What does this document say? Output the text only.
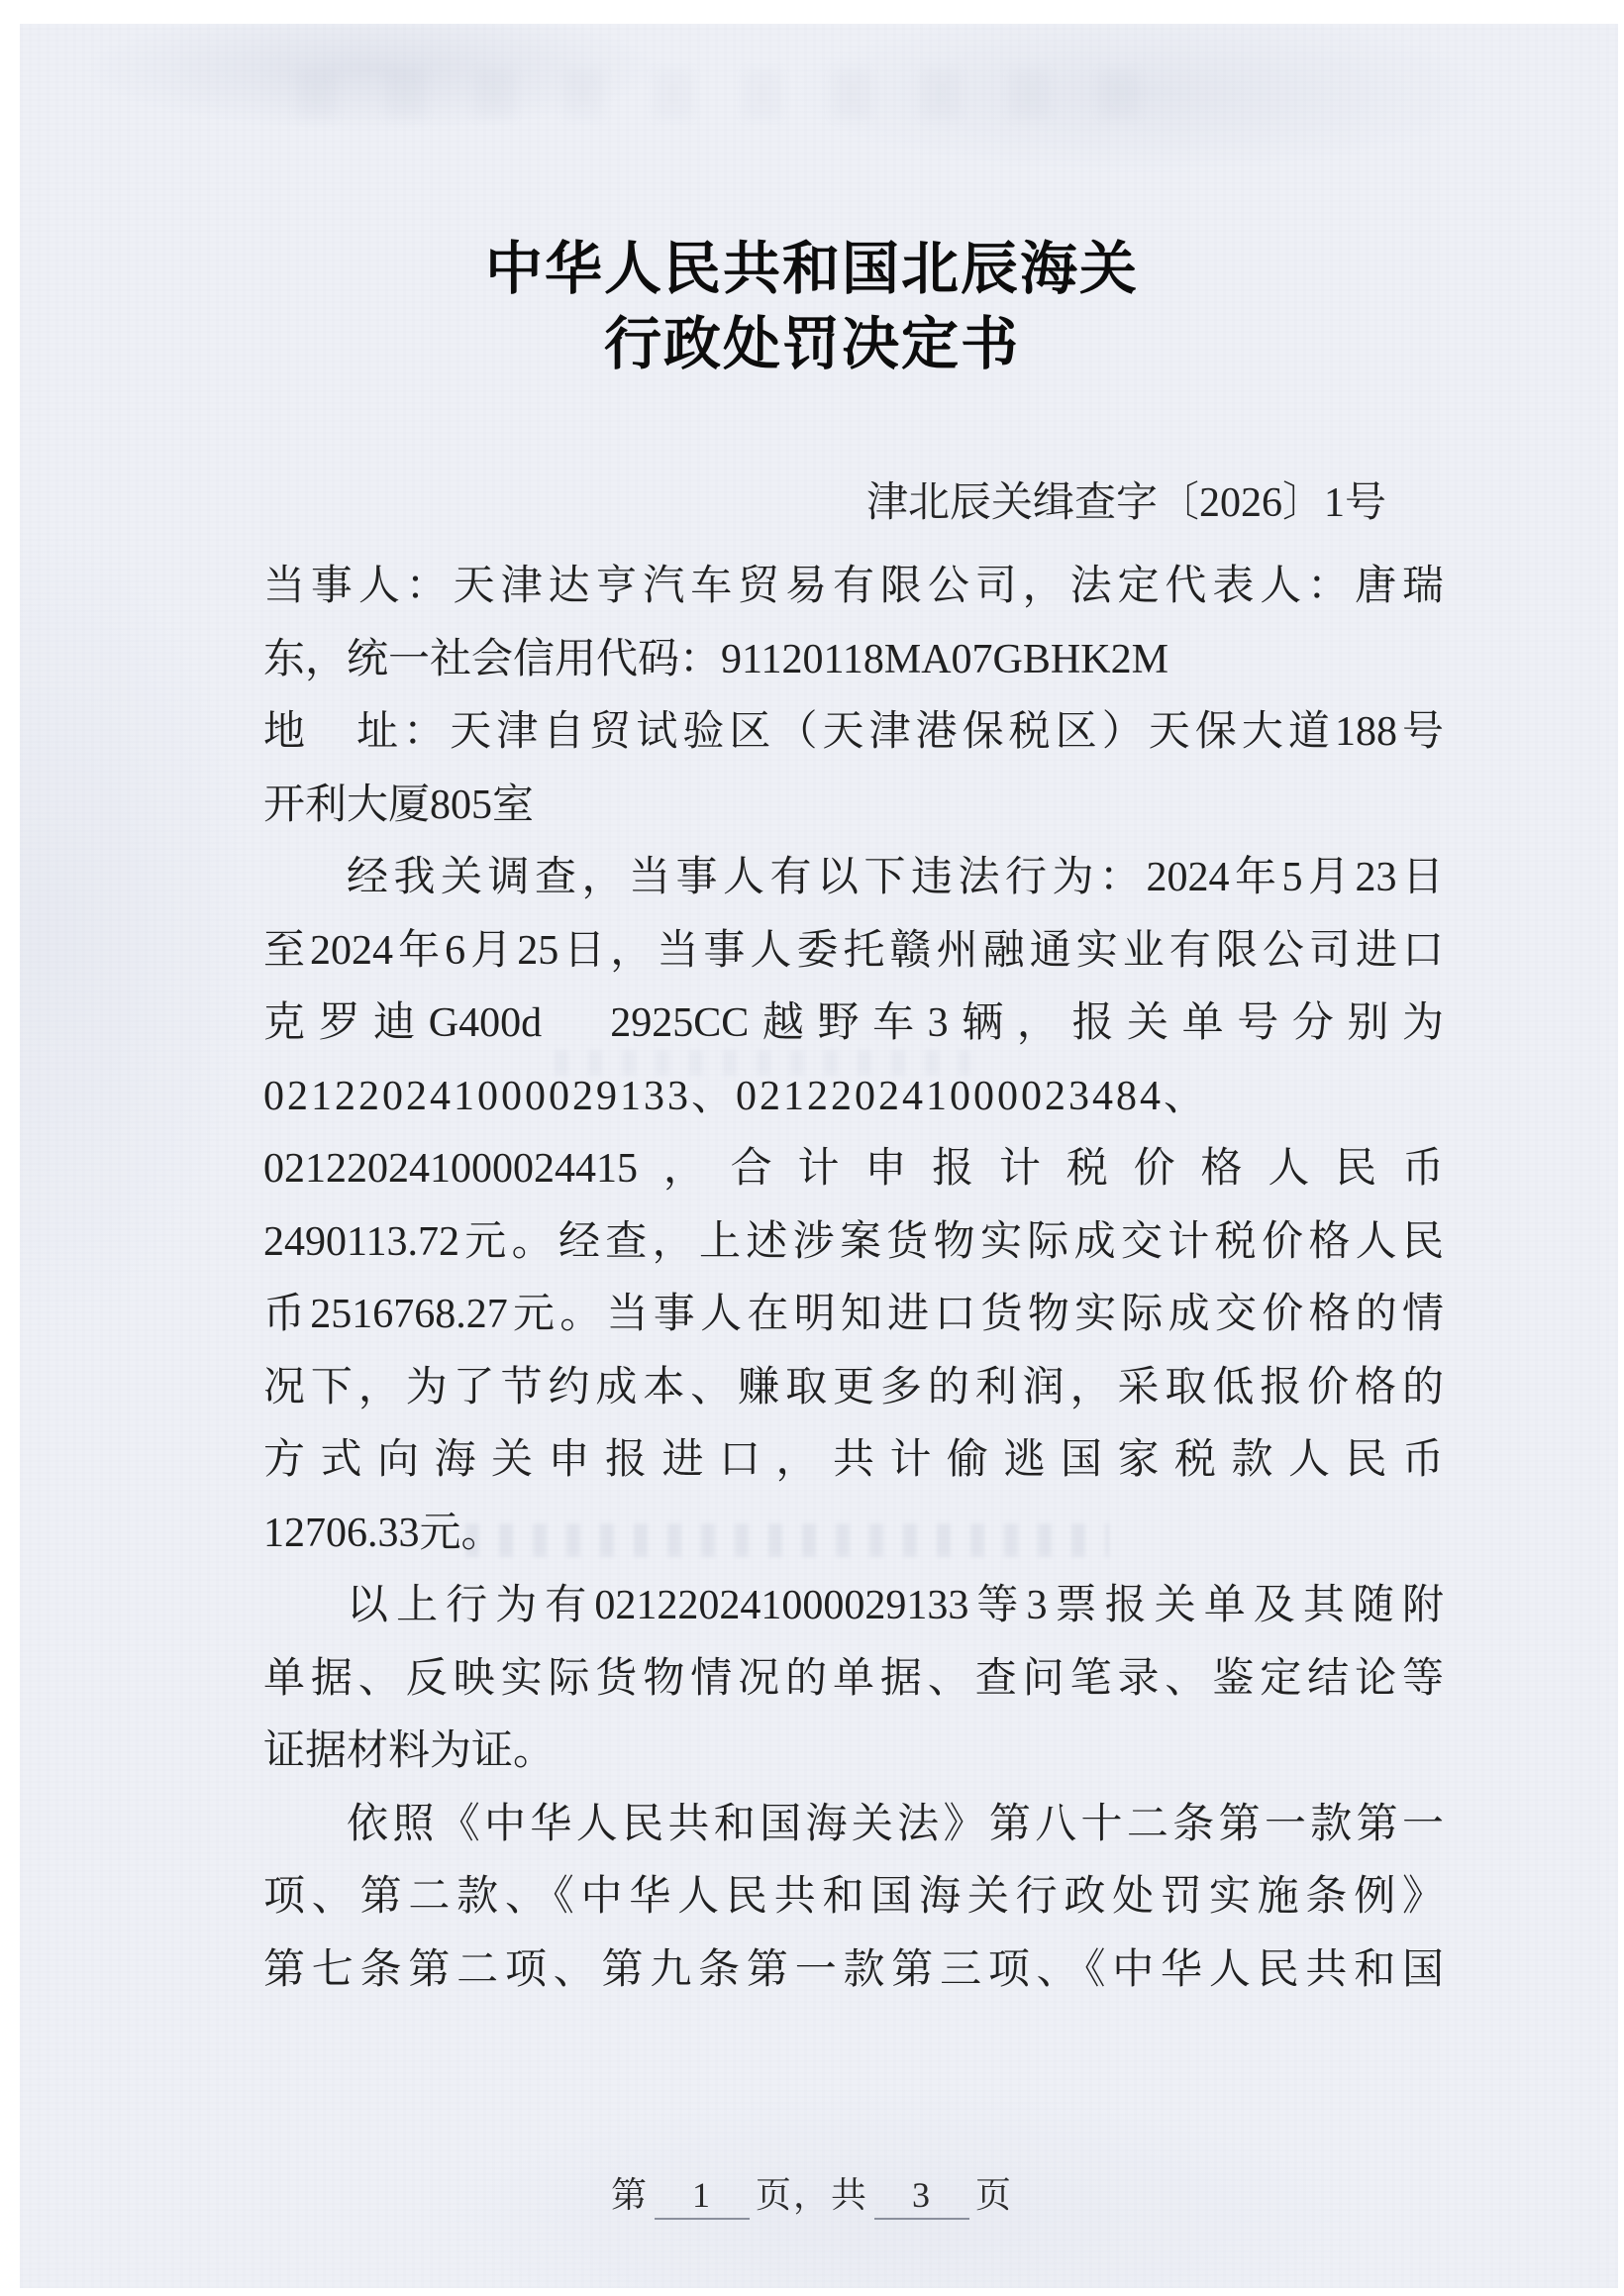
中华人民共和国北辰海关
行政处罚决定书
津北辰关缉查字〔2026〕1号
当事人：天津达亨汽车贸易有限公司，法定代表人：唐瑞
东，统一社会信用代码：91120118MA07GBHK2M
地　址：天津自贸试验区（天津港保税区）天保大道188号
开利大厦805室
经我关调查，当事人有以下违法行为：2024年5月23日
至2024年6月25日，当事人委托赣州融通实业有限公司进口
克罗迪G400d　2925CC越野车3辆，报关单号分别为
021220241000029133、021220241000023484、
021220241000024415，合计申报计税价格人民币
2490113.72元。经查，上述涉案货物实际成交计税价格人民
币2516768.27元。当事人在明知进口货物实际成交价格的情
况下，为了节约成本、赚取更多的利润，采取低报价格的
方式向海关申报进口，共计偷逃国家税款人民币
12706.33元。
以上行为有021220241000029133等3票报关单及其随附
单据、反映实际货物情况的单据、查问笔录、鉴定结论等
证据材料为证。
依照《中华人民共和国海关法》第八十二条第一款第一
项、第二款、《中华人民共和国海关行政处罚实施条例》
第七条第二项、第九条第一款第三项、《中华人民共和国
第 1 页，共 3 页
